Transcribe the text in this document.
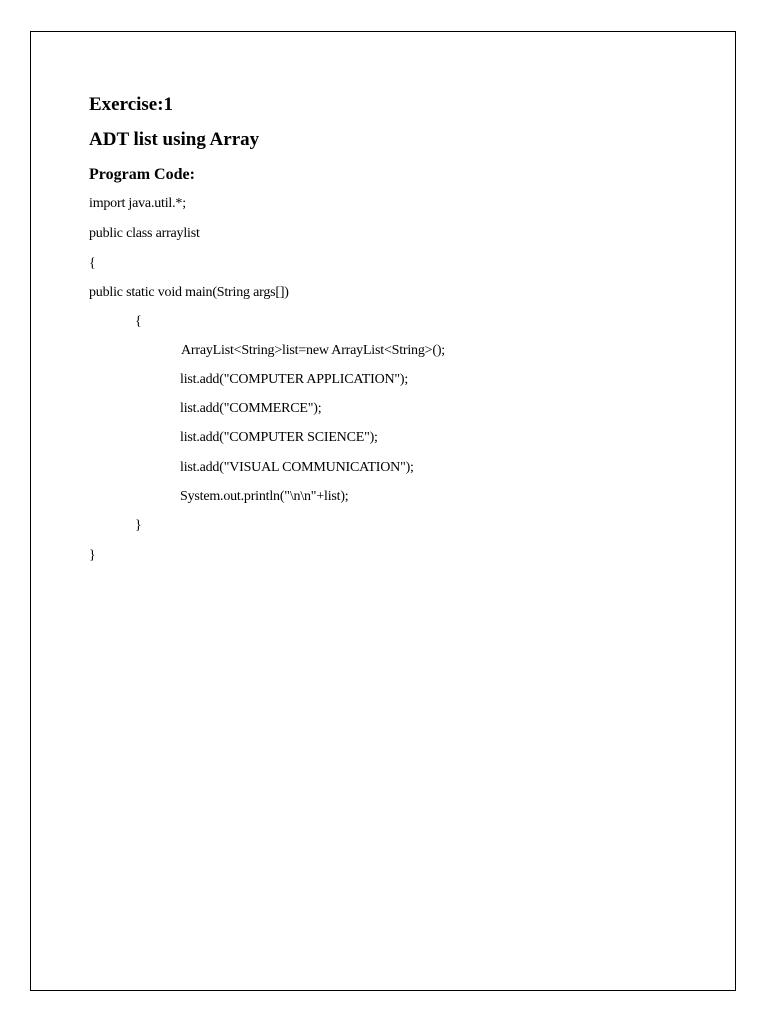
Exercise:1
ADT list using Array
Program Code:

import java.util.*;

public class arraylist

{

public static void main(String args[])

{

ArrayList<String>list=new ArrayList<String>();

list.add("COMPUTER APPLICATION");

list.add("COMMERCE");

list.add("COMPUTER SCIENCE");

list.add("VISUAL COMMUNICATION");

System.out.println("\n\n"+list);

}

}
